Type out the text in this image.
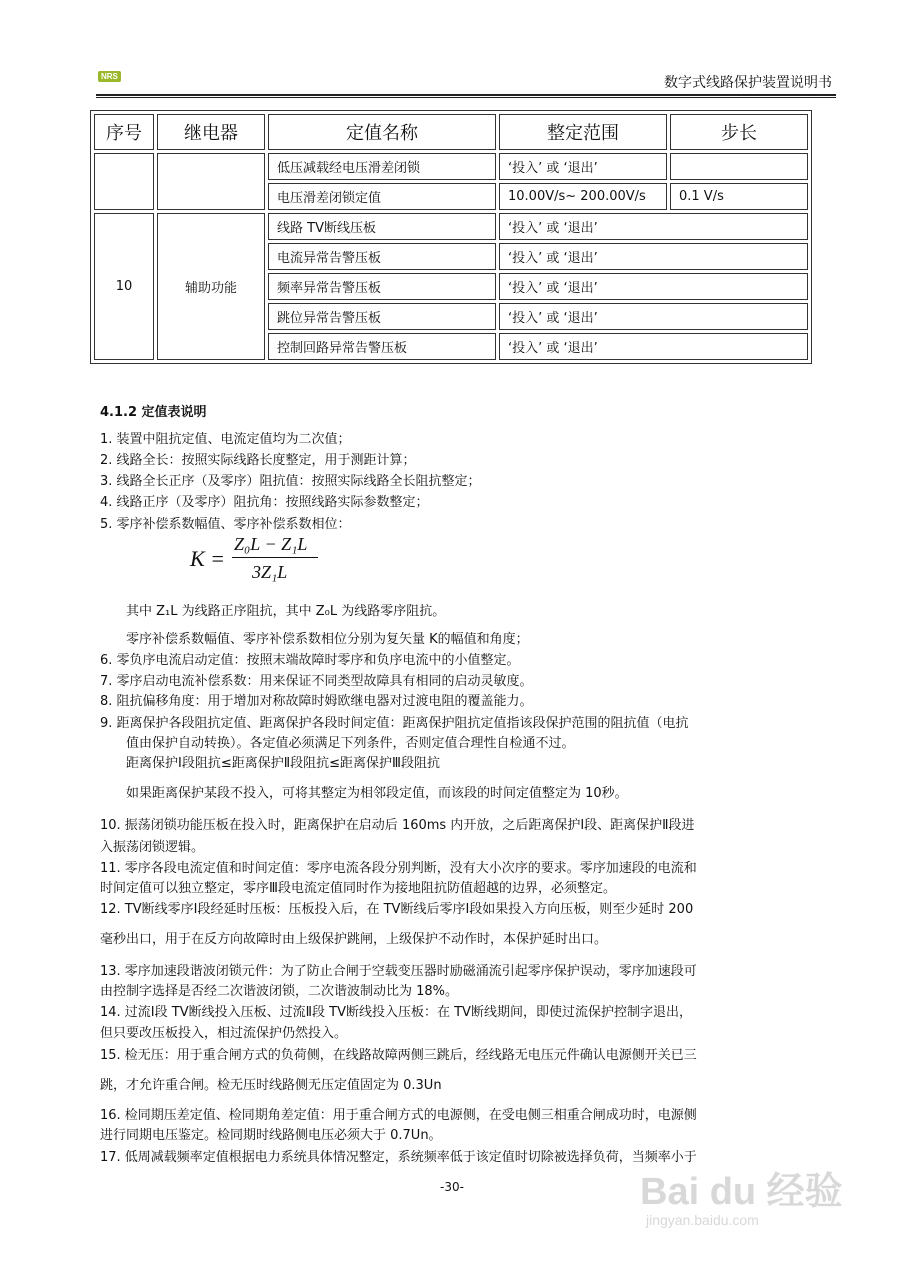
NRS	数字式线路保护装置说明书
序号	继电器	定值名称	整定范围	步长
		低压减载经电压滑差闭锁	‘投入’ 或 ‘退出’	
		电压滑差闭锁定值	10.00V/s~ 200.00V/s	0.1 V/s
10	辅助功能	线路 TV断线压板	‘投入’ 或 ‘退出’	
		电流异常告警压板	‘投入’ 或 ‘退出’	
		频率异常告警压板	‘投入’ 或 ‘退出’	
		跳位异常告警压板	‘投入’ 或 ‘退出’	
		控制回路异常告警压板	‘投入’ 或 ‘退出’	
4.1.2 定值表说明
1. 装置中阻抗定值、电流定值均为二次值；
2. 线路全长：按照实际线路长度整定，用于测距计算；
3. 线路全长正序（及零序）阻抗值：按照实际线路全长阻抗整定；
4. 线路正序（及零序）阻抗角：按照线路实际参数整定；
5. 零序补偿系数幅值、零序补偿系数相位：
K =
Z₀L − Z₁L
3Z₁L
其中 Z₁L 为线路正序阻抗，其中 Z₀L 为线路零序阻抗。
零序补偿系数幅值、零序补偿系数相位分别为复矢量 K的幅值和角度；
6. 零负序电流启动定值：按照末端故障时零序和负序电流中的小值整定。
7. 零序启动电流补偿系数：用来保证不同类型故障具有相同的启动灵敏度。
8. 阻抗偏移角度：用于增加对称故障时姆欧继电器对过渡电阻的覆盖能力。
9. 距离保护各段阻抗定值、距离保护各段时间定值：距离保护阻抗定值指该段保护范围的阻抗值（电抗
值由保护自动转换）。各定值必须满足下列条件，否则定值合理性自检通不过。
距离保护Ⅰ段阻抗≤距离保护Ⅱ段阻抗≤距离保护Ⅲ段阻抗
如果距离保护某段不投入，可将其整定为相邻段定值，而该段的时间定值整定为 10秒。
10. 振荡闭锁功能压板在投入时，距离保护在启动后 160ms 内开放，之后距离保护Ⅰ段、距离保护Ⅱ段进
入振荡闭锁逻辑。
11. 零序各段电流定值和时间定值：零序电流各段分别判断，没有大小次序的要求。零序加速段的电流和
时间定值可以独立整定，零序Ⅲ段电流定值同时作为接地阻抗防值超越的边界，必须整定。
12. TV断线零序Ⅰ段经延时压板：压板投入后，在 TV断线后零序Ⅰ段如果投入方向压板，则至少延时 200
毫秒出口，用于在反方向故障时由上级保护跳闸，上级保护不动作时，本保护延时出口。
13. 零序加速段谐波闭锁元件：为了防止合闸于空载变压器时励磁涌流引起零序保护误动，零序加速段可
由控制字选择是否经二次谐波闭锁，二次谐波制动比为 18%。
14. 过流Ⅰ段 TV断线投入压板、过流Ⅱ段 TV断线投入压板：在 TV断线期间，即使过流保护控制字退出，
但只要改压板投入，相过流保护仍然投入。
15. 检无压：用于重合闸方式的负荷侧，在线路故障两侧三跳后，经线路无电压元件确认电源侧开关已三
跳，才允许重合闸。检无压时线路侧无压定值固定为 0.3Un
16. 检同期压差定值、检同期角差定值：用于重合闸方式的电源侧，在受电侧三相重合闸成功时，电源侧
进行同期电压鉴定。检同期时线路侧电压必须大于 0.7Un。
17. 低周减载频率定值根据电力系统具体情况整定，系统频率低于该定值时切除被选择负荷，当频率小于
-30-	Bai du 经验
jingyan.baidu.com
